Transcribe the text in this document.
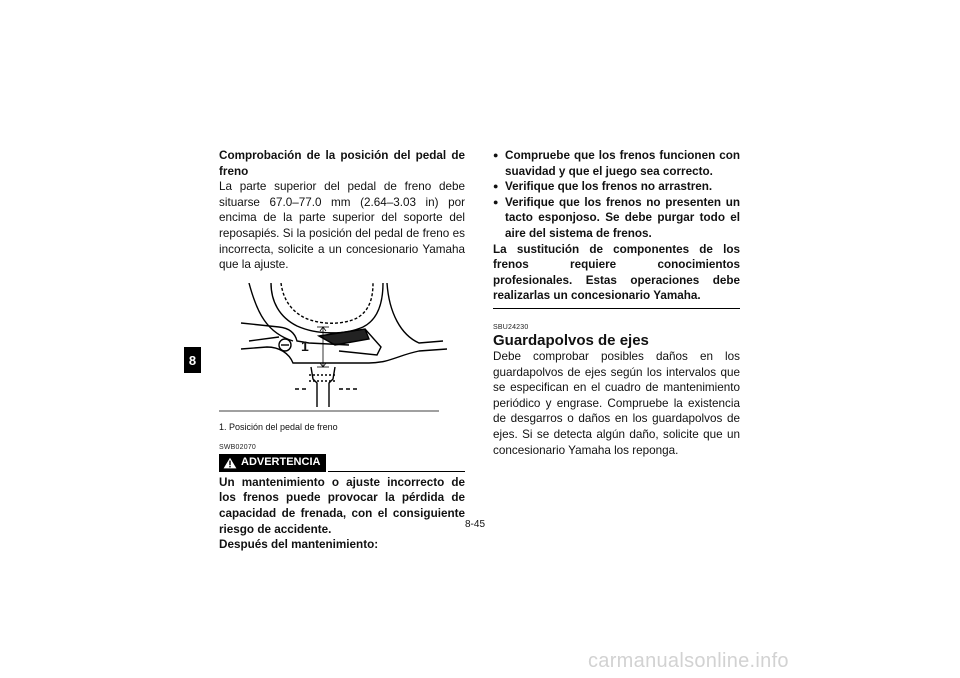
8

Comprobación de la posición del pedal de freno

La parte superior del pedal de freno debe situarse 67.0–77.0 mm (2.64–3.03 in) por encima de la parte superior del soporte del reposapiés. Si la posición del pedal de freno es incorrecta, solicite a un concesionario Yamaha que la ajuste.

1
1. Posición del pedal de freno
SWB02070
ADVERTENCIA

Un mantenimiento o ajuste incorrecto de los frenos puede provocar la pérdida de capacidad de frenada, con el consiguiente riesgo de accidente.

Después del mantenimiento:

● Compruebe que los frenos funcionen con suavidad y que el juego sea correcto.
● Verifique que los frenos no arrastren.
● Verifique que los frenos no presenten un tacto esponjoso. Se debe purgar todo el aire del sistema de frenos.

La sustitución de componentes de los frenos requiere conocimientos profesionales. Estas operaciones debe realizarlas un concesionario Yamaha.

SBU24230
Guardapolvos de ejes

Debe comprobar posibles daños en los guardapolvos de ejes según los intervalos que se especifican en el cuadro de mantenimiento periódico y engrase. Compruebe la existencia de desgarros o daños en los guardapolvos de ejes. Si se detecta algún daño, solicite que un concesionario Yamaha los reponga.

8-45
carmanualsonline.info
